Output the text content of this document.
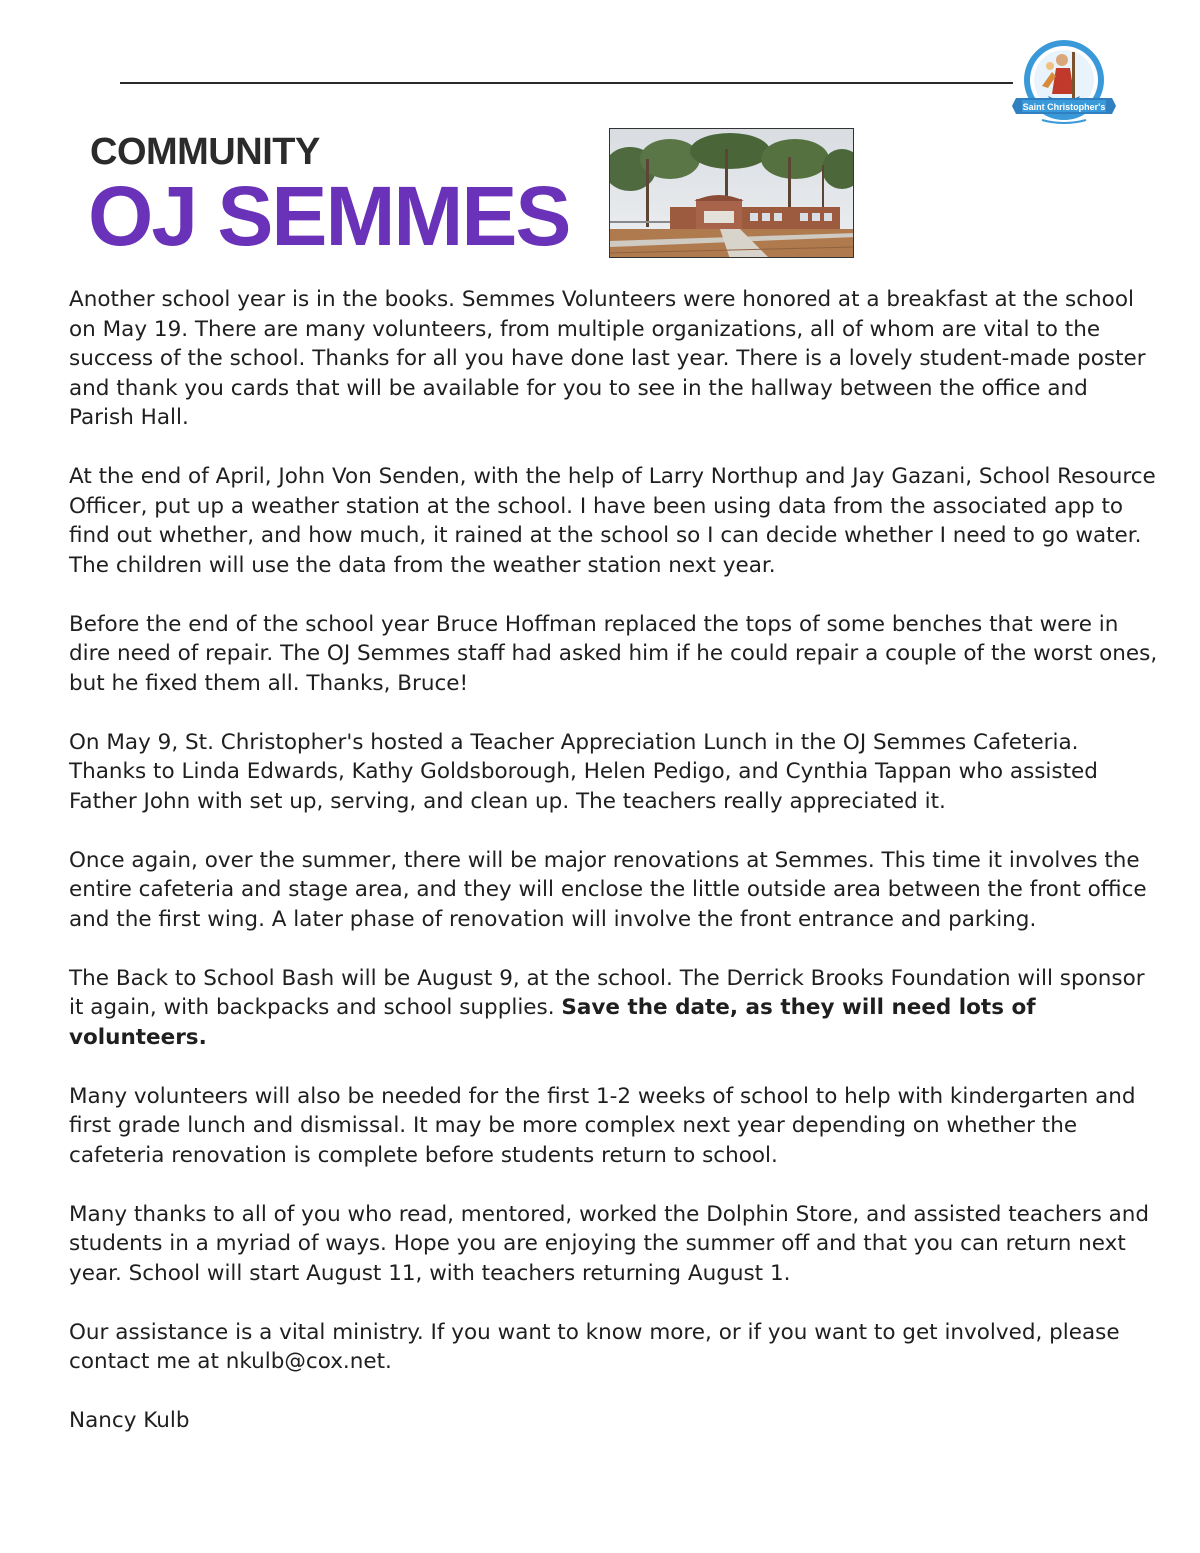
Saint Christopher's
COMMUNITY
OJ SEMMES

Another school year is in the books. Semmes Volunteers were honored at a breakfast at the school on May 19. There are many volunteers, from multiple organizations, all of whom are vital to the success of the school. Thanks for all you have done last year. There is a lovely student-made poster and thank you cards that will be available for you to see in the hallway between the office and Parish Hall.

At the end of April, John Von Senden, with the help of Larry Northup and Jay Gazani, School Resource Officer, put up a weather station at the school. I have been using data from the associated app to find out whether, and how much, it rained at the school so I can decide whether I need to go water. The children will use the data from the weather station next year.

Before the end of the school year Bruce Hoffman replaced the tops of some benches that were in dire need of repair. The OJ Semmes staff had asked him if he could repair a couple of the worst ones, but he fixed them all. Thanks, Bruce!

On May 9, St. Christopher's hosted a Teacher Appreciation Lunch in the OJ Semmes Cafeteria. Thanks to Linda Edwards, Kathy Goldsborough, Helen Pedigo, and Cynthia Tappan who assisted Father John with set up, serving, and clean up. The teachers really appreciated it.

Once again, over the summer, there will be major renovations at Semmes. This time it involves the entire cafeteria and stage area, and they will enclose the little outside area between the front office and the first wing. A later phase of renovation will involve the front entrance and parking.

The Back to School Bash will be August 9, at the school. The Derrick Brooks Foundation will sponsor it again, with backpacks and school supplies. Save the date, as they will need lots of volunteers.

Many volunteers will also be needed for the first 1-2 weeks of school to help with kindergarten and first grade lunch and dismissal. It may be more complex next year depending on whether the cafeteria renovation is complete before students return to school.

Many thanks to all of you who read, mentored, worked the Dolphin Store, and assisted teachers and students in a myriad of ways. Hope you are enjoying the summer off and that you can return next year. School will start August 11, with teachers returning August 1.

Our assistance is a vital ministry. If you want to know more, or if you want to get involved, please contact me at nkulb@cox.net.

Nancy Kulb
